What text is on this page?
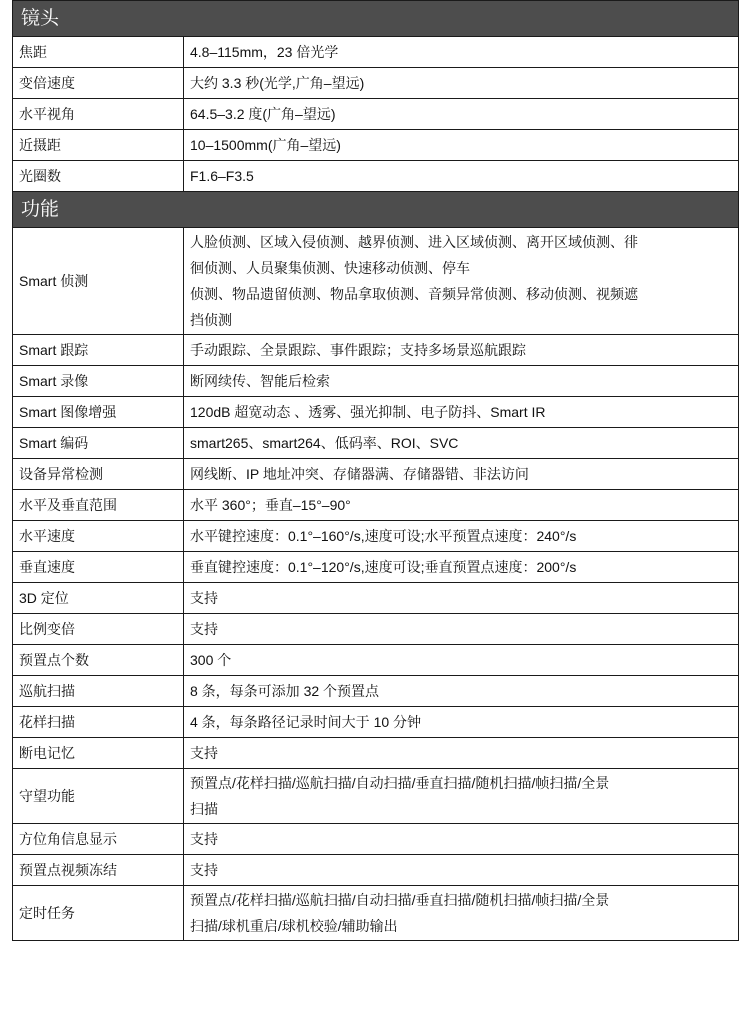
镜头	
焦距	4.8–115mm，23 倍光学

变倍速度	大约 3.3 秒(光学,广角–望远)

水平视角	64.5–3.2 度(广角–望远)

近摄距	10–1500mm(广角–望远)

光圈数	F1.6–F3.5

功能	
Smart 侦测	人脸侦测、区域入侵侦测、越界侦测、进入区域侦测、离开区域侦测、徘
徊侦测、人员聚集侦测、快速移动侦测、停车
侦测、物品遗留侦测、物品拿取侦测、音频异常侦测、移动侦测、视频遮
挡侦测

Smart 跟踪	手动跟踪、全景跟踪、事件跟踪；支持多场景巡航跟踪

Smart 录像	断网续传、智能后检索

Smart 图像增强	120dB 超宽动态 、透雾、强光抑制、电子防抖、Smart IR

Smart 编码	smart265、smart264、低码率、ROI、SVC

设备异常检测	网线断、IP 地址冲突、存储器满、存储器错、非法访问

水平及垂直范围	水平 360°；垂直–15°–90°

水平速度	水平键控速度：0.1°–160°/s,速度可设;水平预置点速度：240°/s

垂直速度	垂直键控速度：0.1°–120°/s,速度可设;垂直预置点速度：200°/s

3D 定位	支持

比例变倍	支持

预置点个数	300 个

巡航扫描	8 条，每条可添加 32 个预置点

花样扫描	4 条，每条路径记录时间大于 10 分钟

断电记忆	支持

守望功能	预置点/花样扫描/巡航扫描/自动扫描/垂直扫描/随机扫描/帧扫描/全景
扫描

方位角信息显示	支持

预置点视频冻结	支持

定时任务	预置点/花样扫描/巡航扫描/自动扫描/垂直扫描/随机扫描/帧扫描/全景
扫描/球机重启/球机校验/辅助输出
